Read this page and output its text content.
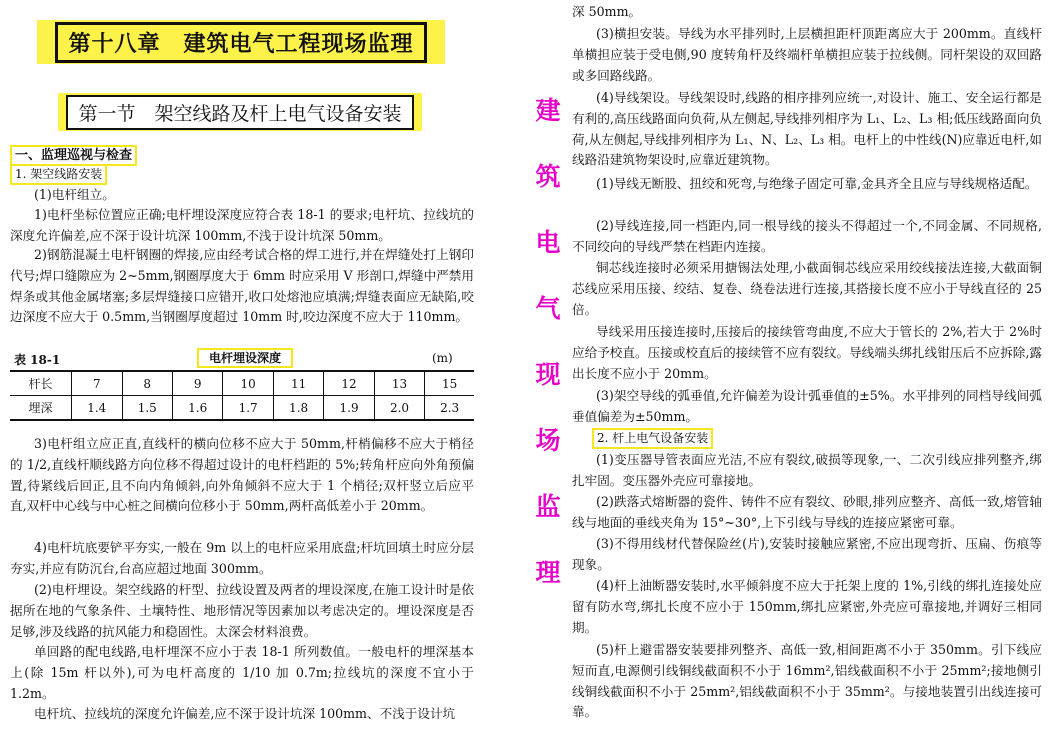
第十八章　建筑电气工程现场监理
第一节　架空线路及杆上电气设备安装
一、监理巡视与检查
1. 架空线路安装

(1)电杆组立。

1)电杆坐标位置应正确;电杆埋设深度应符合表 18-1 的要求;电杆坑、拉线坑的深度允许偏差,应不深于设计坑深 100mm,不浅于设计坑深 50mm。

2)钢筋混凝土电杆钢圈的焊接,应由经考试合格的焊工进行,并在焊缝处打上钢印代号;焊口缝隙应为 2~5mm,钢圈厚度大于 6mm 时应采用 V 形剖口,焊缝中严禁用焊条或其他金属堵塞;多层焊缝接口应错开,收口处熔池应填满;焊缝表面应无缺陷,咬边深度不应大于 0.5mm,当钢圈厚度超过 10mm 时,咬边深度不应大于 110mm。

表 18-1	电杆埋设深度	(m)
杆长	7	8	9	10	11	12	13	15
埋深	1.4	1.5	1.6	1.7	1.8	1.9	2.0	2.3

3)电杆组立应正直,直线杆的横向位移不应大于 50mm,杆梢偏移不应大于梢径的 1/2,直线杆顺线路方向位移不得超过设计的电杆档距的 5%;转角杆应向外角预偏置,待紧线后回正,且不向内角倾斜,向外角倾斜不应大于 1 个梢径;双杆竖立后应平直,双杆中心线与中心桩之间横向位移小于 50mm,两杆高低差小于 20mm。

4)电杆坑底要铲平夯实,一般在 9m 以上的电杆应采用底盘;杆坑回填土时应分层夯实,并应有防沉台,台高应超过地面 300mm。

(2)电杆埋设。架空线路的杆型、拉线设置及两者的埋设深度,在施工设计时是依据所在地的气象条件、土壤特性、地形情况等因素加以考虑决定的。埋设深度是否足够,涉及线路的抗风能力和稳固性。太深会材料浪费。

单回路的配电线路,电杆埋深不应小于表 18-1 所列数值。一般电杆的埋深基本上(除 15m 杆以外),可为电杆高度的 1/10 加 0.7m;拉线坑的深度不宜小于 1.2m。

电杆坑、拉线坑的深度允许偏差,应不深于设计坑深 100mm、不浅于设计坑

建
筑
电
气
现
场
监
理

深 50mm。

(3)横担安装。导线为水平排列时,上层横担距杆顶距离应大于 200mm。直线杆单横担应装于受电侧,90 度转角杆及终端杆单横担应装于拉线侧。同杆架设的双回路或多回路线路。

(4)导线架设。导线架设时,线路的相序排列应统一,对设计、施工、安全运行都是有利的,高压线路面向负荷,从左侧起,导线排列相序为 L₁、L₂、L₃ 相;低压线路面向负荷,从左侧起,导线排列相序为 L₁、N、L₂、L₃ 相。电杆上的中性线(N)应靠近电杆,如线路沿建筑物架设时,应靠近建筑物。

(1)导线无断股、扭绞和死弯,与绝缘子固定可靠,金具齐全且应与导线规格适配。

(2)导线连接,同一档距内,同一根导线的接头不得超过一个,不同金属、不同规格,不同绞向的导线严禁在档距内连接。

铜芯线连接时必须采用搪锡法处理,小截面铜芯线应采用绞线接法连接,大截面铜芯线应采用压接、绞结、复卷、绕卷法进行连接,其搭接长度不应小于导线直径的 25 倍。

导线采用压接连接时,压接后的接续管弯曲度,不应大于管长的 2%,若大于 2%时应给予校直。压接或校直后的接续管不应有裂纹。导线端头绑扎线钳压后不应拆除,露出长度不应小于 20mm。

(3)架空导线的弧垂值,允许偏差为设计弧垂值的±5%。水平排列的同档导线间弧垂值偏差为±50mm。

2. 杆上电气设备安装

(1)变压器导管表面应光洁,不应有裂纹,破损等现象,一、二次引线应排列整齐,绑扎牢固。变压器外壳应可靠接地。

(2)跌落式熔断器的瓷件、铸件不应有裂纹、砂眼,排列应整齐、高低一致,熔管轴线与地面的垂线夹角为 15°~30°,上下引线与导线的连接应紧密可靠。

(3)不得用线材代替保险丝(片),安装时接触应紧密,不应出现弯折、压扁、伤痕等现象。

(4)杆上油断器安装时,水平倾斜度不应大于托架上度的 1%,引线的绑扎连接处应留有防水弯,绑扎长度不应小于 150mm,绑扎应紧密,外壳应可靠接地,并调好三相同期。

(5)杆上避雷器安装要排列整齐、高低一致,相间距离不小于 350mm。引下线应短而直,电源侧引线铜线截面积不小于 16mm²,铝线截面积不小于 25mm²;接地侧引线铜线截面积不小于 25mm²,铝线截面积不小于 35mm²。与接地装置引出线连接可靠。
